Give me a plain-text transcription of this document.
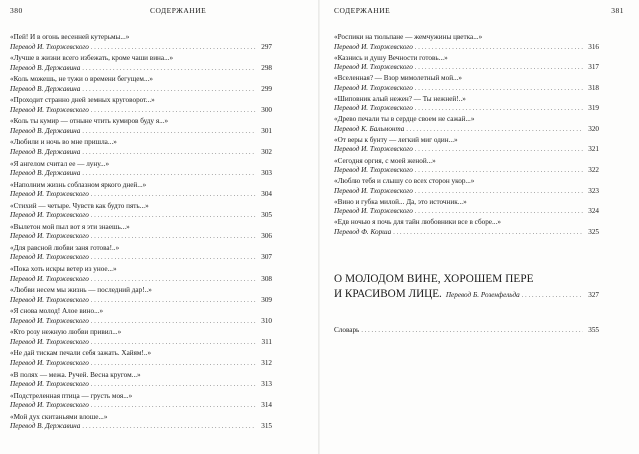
380	СОДЕРЖАНИЕ
«Пей! И в огонь весенней кутерьмы...»
Перевод И. Тхоржевского . . .	297
«Лучше в жизни всего избежать, кроме чаши вина...»
Перевод В. Державина . . .	298
«Коль можешь, не тужи о времени бегущем...»
Перевод В. Державина . . .	299
«Проходит странно дней земных круговорот...»
Перевод И. Тхоржевского . . .	300
«Коль ты кумир — отныне чтить кумиров буду я...»
Перевод В. Державина . . .	301
«Любили и ночь во мне пришла...»
Перевод В. Державина . . .	302
«Я ангелом считал ее — луну...»
Перевод В. Державина . . .	303
«Наполним жизнь соблазном яркого дней...»
Перевод И. Тхоржевского . . .	304
«Стихий — четыре. Чувств как будто пять...»
Перевод И. Тхоржевского . . .	305
«Вылетон мой пыл вот я эти знаешь...»
Перевод И. Тхоржевского . . .	306
«Для равсной любви заня готова!..»
Перевод И. Тхоржевского . . .	307
«Пока хоть искры ветер из уное...»
Перевод И. Тхоржевского . . .	308
«Любви несем мы жизнь — последний дар!..»
Перевод И. Тхоржевского . . .	309
«Я снова молод! Алое вино...»
Перевод И. Тхоржевского . . .	310
«Кто розу нежную любви привил...»
Перевод И. Тхоржевского . . .	311
«Не дай тискам печали себя зажать. Хайям!..»
Перевод И. Тхоржевского . . .	312
«В полях — межа. Ручей. Весна кругом...»
Перевод И. Тхоржевского . . .	313
«Подстреленная птица — грусть моя...»
Перевод И. Тхоржевского . . .	314
«Мой дух скитаньями влоше...»
Перевод В. Державина . . .	315
СОДЕРЖАНИЕ	381
«Роспики на тюльпане — жемчужины цветка...»
Перевод И. Тхоржевского . . .	316
«Казнись и душу Вечности готовь...»
Перевод И. Тхоржевского . . .	317
«Вселенная? — Взор мимолетный мой...»
Перевод И. Тхоржевского . . .	318
«Шиповник алый нежен? — Ты нежней!..»
Перевод И. Тхоржевского . . .	319
«Древо печали ты в сердце своем не сажай...»
Перевод К. Бальмонта . . .	320
«От веры к бунту — легкий миг один...»
Перевод И. Тхоржевского . . .	321
«Сегодня оргия, с моей женой...»
Перевод И. Тхоржевского . . .	322
«Люблю тебя и слышу со всех сторон укор...»
Перевод И. Тхоржевского . . .	323
«Вино и губка милой... Да, это источник...»
Перевод И. Тхоржевского . . .	324
«Едв ночью я почь для тайн любовники все в сборе...»
Перевод Ф. Корша . . .	325
О МОЛОДОМ ВИНЕ, ХОРОШЕМ ПЕРЕ
И КРАСИВОМ ЛИЦЕ. Перевод Б. Розенфельда . . .	327
Словарь . . .	355
